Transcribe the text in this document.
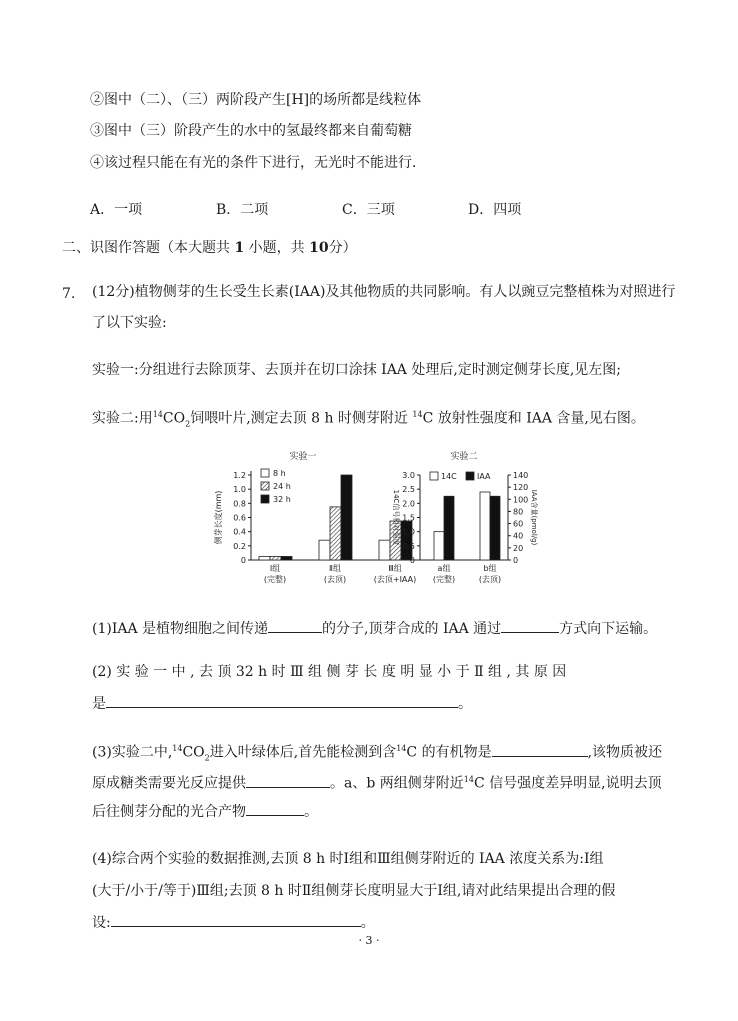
②图中（二）、（三）两阶段产生[H]的场所都是线粒体
③图中（三）阶段产生的水中的氢最终都来自葡萄糖
④该过程只能在有光的条件下进行，无光时不能进行．
A．一项	B．二项	C．三项	D．四项
二、识图作答题（本大题共 1 小题，共 10分）
7. (12分)植物侧芽的生长受生长素(IAA)及其他物质的共同影响。有人以豌豆完整植株为对照进行
了以下实验:
实验一:分组进行去除顶芽、去顶并在切口涂抹 IAA 处理后,定时测定侧芽长度,见左图;
实验二:用$^{14}CO_2$饲喂叶片,测定去顶 8 h 时侧芽附近 $^{14}$C 放射性强度和 IAA 含量,见右图。
实验一
0
0.2
0.4
0.6
0.8
1.0
1.2
侧芽长度(mm)
Ⅰ组
(完整)
Ⅱ组
(去顶)
Ⅲ组
(去顶+IAA)
8 h
24 h
32 h
实验二
0
0.5
1.0
1.5
2.0
2.5
3.0
0
20
40
60
80
100
120
140
14C信号相对强度	IAA含量(pmol/g)
a组
(完整)
b组
(去顶)
14C	IAA
(1)IAA 是植物细胞之间传递	的分子,顶芽合成的 IAA 通过	方式向下运输。
(2) 实 验 一 中 , 去 顶 32 h 时 Ⅲ 组 侧 芽 长 度 明 显 小 于 Ⅱ 组 , 其 原 因
是	。
(3)实验二中$,^{14}CO_2$进入叶绿体后,首先能检测到含$^{14}$C 的有机物是	,该物质被还
原成糖类需要光反应提供	。a、b 两组侧芽附近$^{14}$C 信号强度差异明显,说明去顶
后往侧芽分配的光合产物	。
(4)综合两个实验的数据推测,去顶 8 h 时Ⅰ组和Ⅲ组侧芽附近的 IAA 浓度关系为:Ⅰ组
(大于/小于/等于)Ⅲ组;去顶 8 h 时Ⅱ组侧芽长度明显大于Ⅰ组,请对此结果提出合理的假
设:	。
· 3 ·
